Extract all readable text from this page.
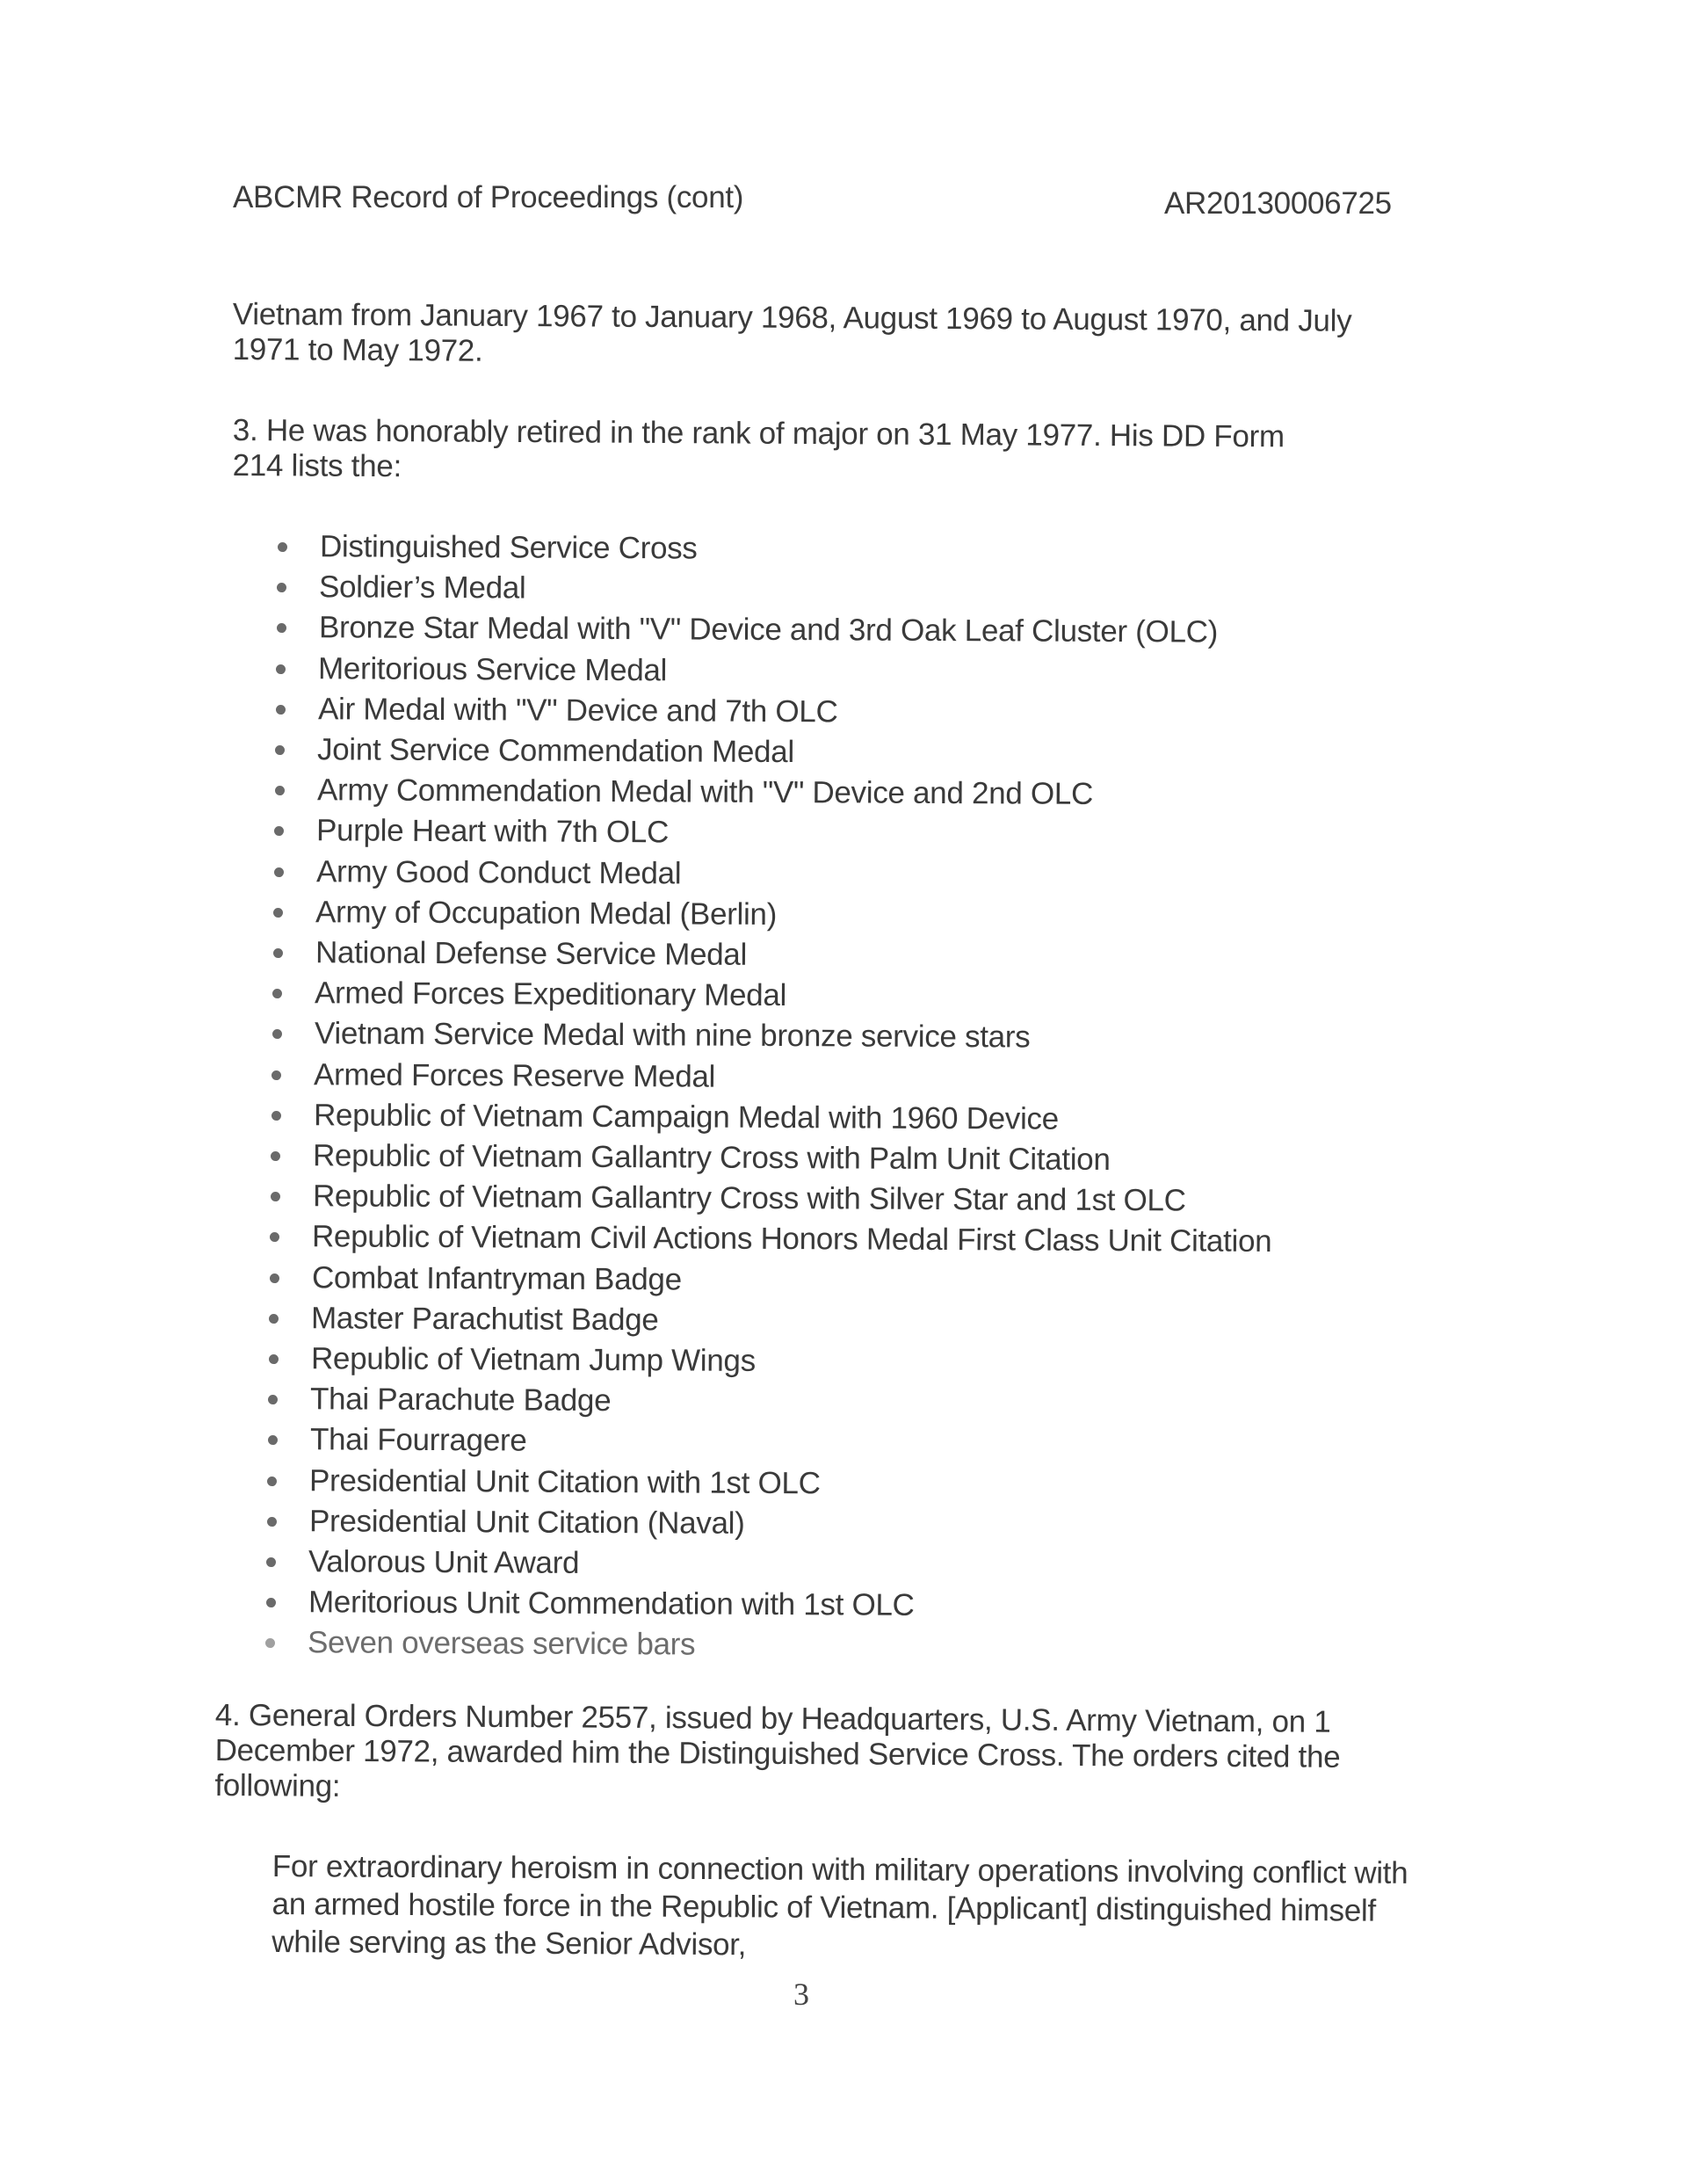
ABCMR Record of Proceedings (cont)	AR20130006725
Vietnam from January 1967 to January 1968, August 1969 to August 1970, and July 1971 to May 1972.
3. He was honorably retired in the rank of major on 31 May 1977. His DD Form 214 lists the:
Distinguished Service Cross
Soldier’s Medal
Bronze Star Medal with "V" Device and 3rd Oak Leaf Cluster (OLC)
Meritorious Service Medal
Air Medal with "V" Device and 7th OLC
Joint Service Commendation Medal
Army Commendation Medal with "V" Device and 2nd OLC
Purple Heart with 7th OLC
Army Good Conduct Medal
Army of Occupation Medal (Berlin)
National Defense Service Medal
Armed Forces Expeditionary Medal
Vietnam Service Medal with nine bronze service stars
Armed Forces Reserve Medal
Republic of Vietnam Campaign Medal with 1960 Device
Republic of Vietnam Gallantry Cross with Palm Unit Citation
Republic of Vietnam Gallantry Cross with Silver Star and 1st OLC
Republic of Vietnam Civil Actions Honors Medal First Class Unit Citation
Combat Infantryman Badge
Master Parachutist Badge
Republic of Vietnam Jump Wings
Thai Parachute Badge
Thai Fourragere
Presidential Unit Citation with 1st OLC
Presidential Unit Citation (Naval)
Valorous Unit Award
Meritorious Unit Commendation with 1st OLC
Seven overseas service bars
4. General Orders Number 2557, issued by Headquarters, U.S. Army Vietnam, on 1 December 1972, awarded him the Distinguished Service Cross. The orders cited the following:
For extraordinary heroism in connection with military operations involving conflict with an armed hostile force in the Republic of Vietnam. [Applicant] distinguished himself while serving as the Senior Advisor,
3
